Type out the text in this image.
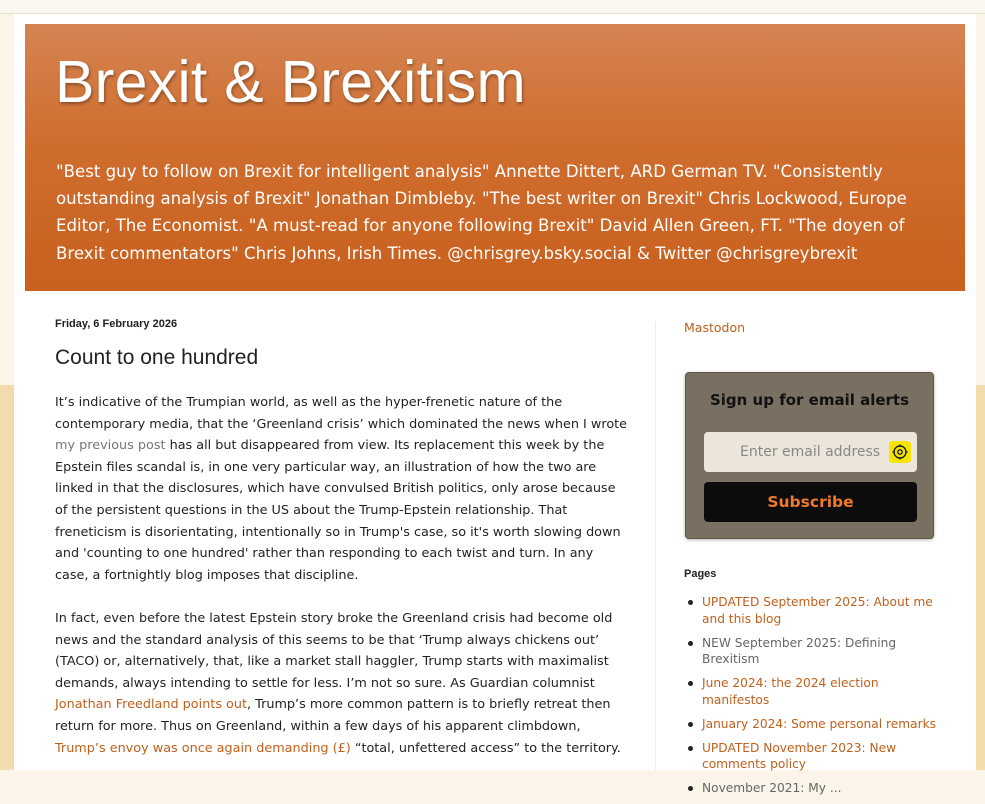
Brexit & Brexitism
"Best guy to follow on Brexit for intelligent analysis" Annette Dittert, ARD German TV. "Consistently outstanding analysis of Brexit" Jonathan Dimbleby. "The best writer on Brexit" Chris Lockwood, Europe Editor, The Economist. "A must-read for anyone following Brexit" David Allen Green, FT. "The doyen of Brexit commentators" Chris Johns, Irish Times. @chrisgrey.bsky.social & Twitter @chrisgreybrexit
Friday, 6 February 2026
Count to one hundred

It’s indicative of the Trumpian world, as well as the hyper-frenetic nature of the contemporary media, that the ‘Greenland crisis’ which dominated the news when I wrote my previous post has all but disappeared from view. Its replacement this week by the Epstein files scandal is, in one very particular way, an illustration of how the two are linked in that the disclosures, which have convulsed British politics, only arose because of the persistent questions in the US about the Trump-Epstein relationship. That freneticism is disorientating, intentionally so in Trump's case, so it's worth slowing down and 'counting to one hundred' rather than responding to each twist and turn. In any case, a fortnightly blog imposes that discipline.

In fact, even before the latest Epstein story broke the Greenland crisis had become old news and the standard analysis of this seems to be that ‘Trump always chickens out’ (TACO) or, alternatively, that, like a market stall haggler, Trump starts with maximalist demands, always intending to settle for less. I’m not so sure. As Guardian columnist Jonathan Freedland points out, Trump’s more common pattern is to briefly retreat then return for more. Thus on Greenland, within a few days of his apparent climbdown, Trump’s envoy was once again demanding (£) “total, unfettered access” to the territory.

Mastodon
Sign up for email alerts
Enter email address
Subscribe
Pages
UPDATED September 2025: About me and this blog
NEW September 2025: Defining Brexitism
June 2024: the 2024 election manifestos
January 2024: Some personal remarks
UPDATED November 2023: New comments policy
November 2021: My ...
